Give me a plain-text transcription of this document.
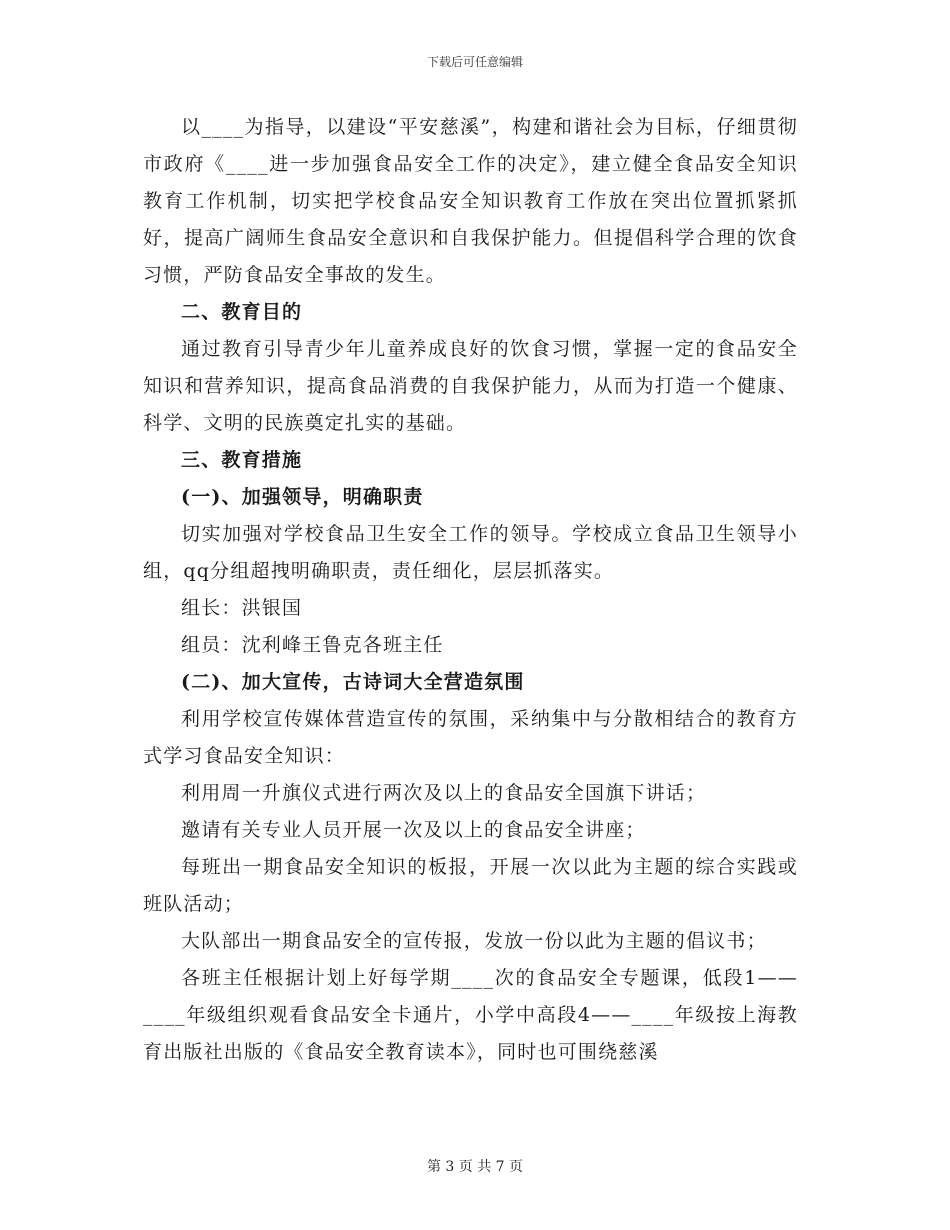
下载后可任意编辑

以____为指导，以建设“平安慈溪”，构建和谐社会为目标，仔细贯彻市政府《____进一步加强食品安全工作的决定》，建立健全食品安全知识教育工作机制，切实把学校食品安全知识教育工作放在突出位置抓紧抓好，提高广阔师生食品安全意识和自我保护能力。但提倡科学合理的饮食习惯，严防食品安全事故的发生。

二、教育目的

通过教育引导青少年儿童养成良好的饮食习惯，掌握一定的食品安全知识和营养知识，提高食品消费的自我保护能力，从而为打造一个健康、科学、文明的民族奠定扎实的基础。

三、教育措施

(一)、加强领导，明确职责

切实加强对学校食品卫生安全工作的领导。学校成立食品卫生领导小组，qq分组超拽明确职责，责任细化，层层抓落实。

组长：洪银国

组员：沈利峰王鲁克各班主任

(二)、加大宣传，古诗词大全营造氛围

利用学校宣传媒体营造宣传的氛围，采纳集中与分散相结合的教育方式学习食品安全知识：

利用周一升旗仪式进行两次及以上的食品安全国旗下讲话；

邀请有关专业人员开展一次及以上的食品安全讲座；

每班出一期食品安全知识的板报，开展一次以此为主题的综合实践或班队活动；

大队部出一期食品安全的宣传报，发放一份以此为主题的倡议书；

各班主任根据计划上好每学期____次的食品安全专题课，低段1——____年级组织观看食品安全卡通片，小学中高段4——____年级按上海教育出版社出版的《食品安全教育读本》，同时也可围绕慈溪

第 3 页 共 7 页
